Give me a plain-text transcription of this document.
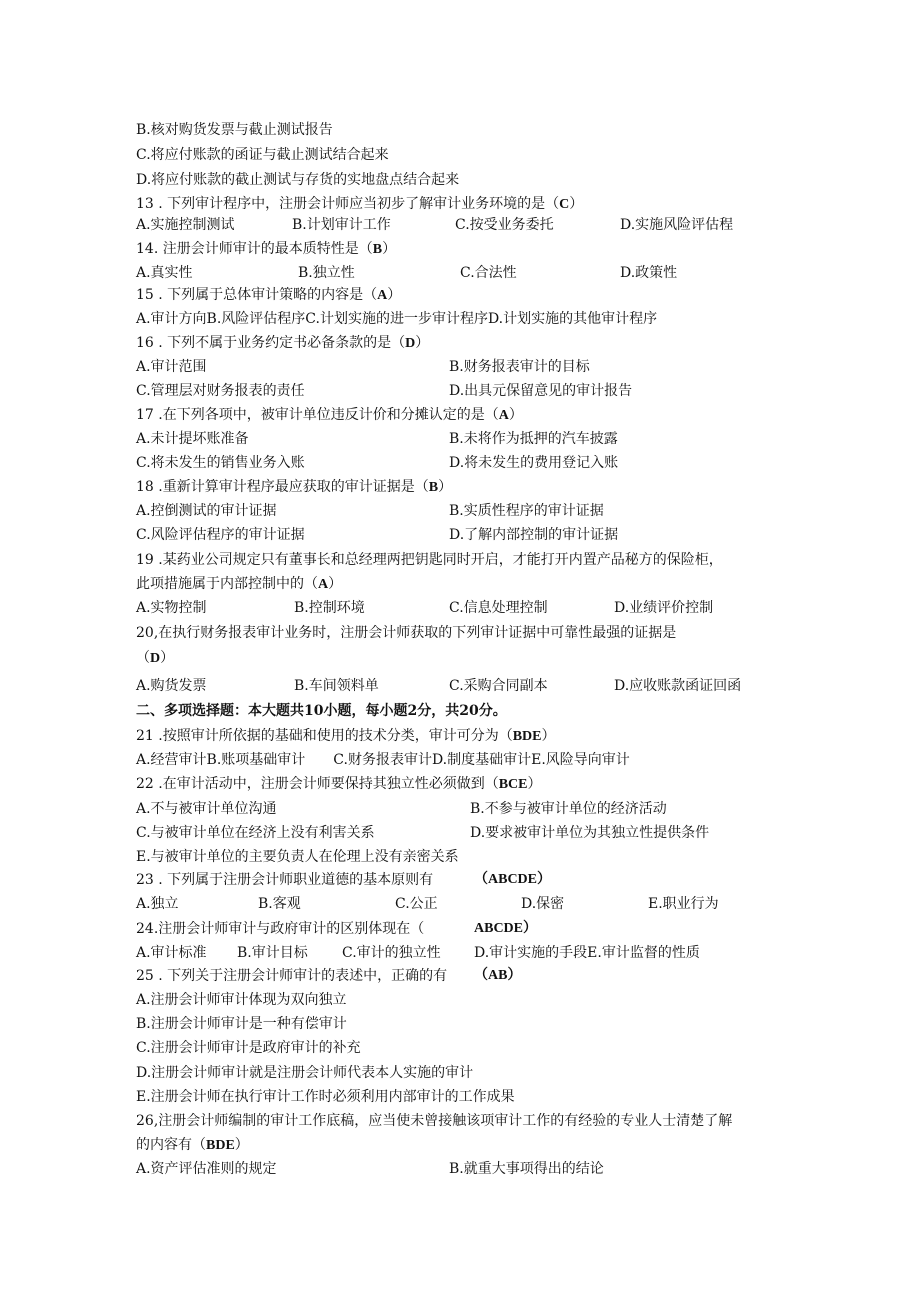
B.核对购货发票与截止测试报告
C.将应付账款的函证与截止测试结合起来
D.将应付账款的截止测试与存货的实地盘点结合起来
13 . 下列审计程序中，注册会计师应当初步了解审计业务环境的是（C）
A.实施控制测试	B.计划审计工作	C.按受业务委托	D.实施风险评估程
14. 注册会计师审计的最本质特性是（B）
A.真实性	B.独立性	C.合法性	D.政策性
15 . 下列属于总体审计策略的内容是（A）
A.审计方向B.风险评估程序C.计划实施的进一步审计程序D.计划实施的其他审计程序
16 . 下列不属于业务约定书必备条款的是（D）
A.审计范围	B.财务报表审计的目标
C.管理层对财务报表的责任	D.出具元保留意见的审计报告
17 .在下列各项中，被审计单位违反计价和分摊认定的是（A）
A.未计提坏账准备	B.未将作为抵押的汽车披露
C.将未发生的销售业务入账	D.将未发生的费用登记入账
18 .重新计算审计程序最应获取的审计证据是（B）
A.控倒测试的审计证据	B.实质性程序的审计证据
C.风险评估程序的审计证据	D.了解内部控制的审计证据
19 .某药业公司规定只有董事长和总经理两把钥匙同时开启，才能打开内置产品秘方的保险柜，
此项措施属于内部控制中的（A）
A.实物控制	B.控制环境	C.信息处理控制	D.业绩评价控制
20,在执行财务报表审计业务时，注册会计师获取的下列审计证据中可靠性最强的证据是
（D）
A.购货发票	B.车间领料单	C.采购合同副本	D.应收账款函证回函
二、多项选择题：本大题共10小题，每小题2分，共20分。
21 .按照审计所依据的基础和使用的技术分类，审计可分为（BDE）
A.经营审计B.账项基础审计　　C.财务报表审计D.制度基础审计E.风险导向审计
22 .在审计活动中，注册会计师要保持其独立性必须做到（BCE）
A.不与被审计单位沟通	B.不参与被审计单位的经济活动
C.与被审计单位在经济上没有利害关系	D.要求被审计单位为其独立性提供条件
E.与被审计单位的主要负责人在伦理上没有亲密关系
23 . 下列属于注册会计师职业道德的基本原则有	（ABCDE）
A.独立	B.客观	C.公正	D.保密	E.职业行为
24.注册会计师审计与政府审计的区别体现在（	ABCDE）
A.审计标准 B.审计目标 C.审计的独立性 D.审计实施的手段E.审计监督的性质
25 . 下列关于注册会计师审计的表述中，正确的有 （AB）
A.注册会计师审计体现为双向独立
B.注册会计师审计是一种有偿审计
C.注册会计师审计是政府审计的补充
D.注册会计师审计就是注册会计师代表本人实施的审计
E.注册会计师在执行审计工作时必须利用内部审计的工作成果
26,注册会计师编制的审计工作底稿，应当使未曾接触该项审计工作的有经验的专业人士清楚了解
的内容有（BDE）
A.资产评估准则的规定	B.就重大事项得出的结论
